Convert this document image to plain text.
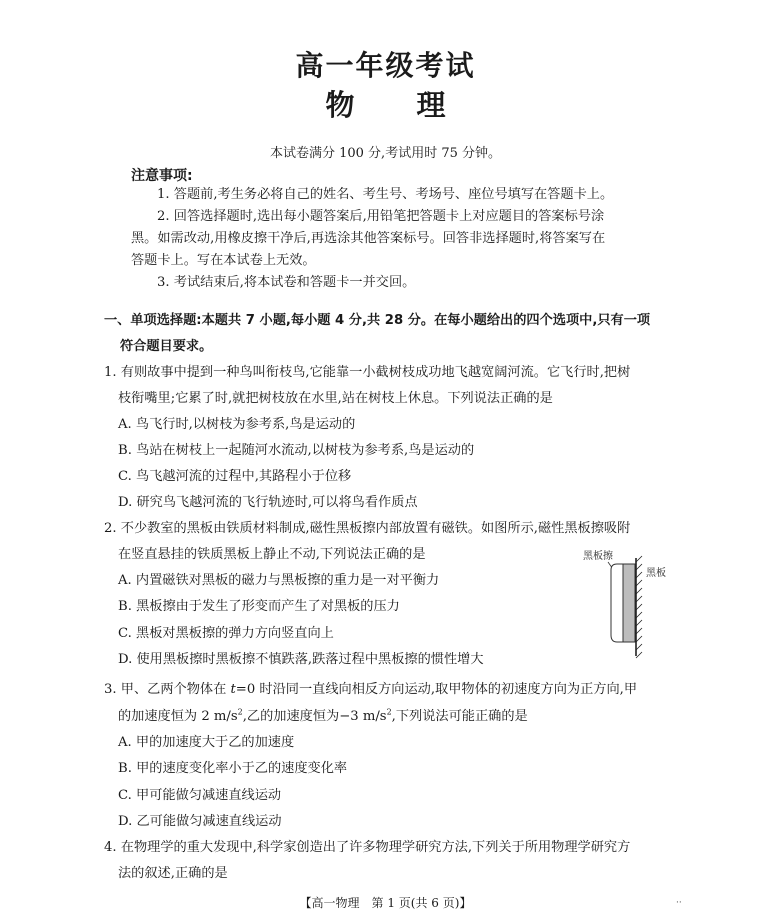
高一年级考试
物 理
本试卷满分 100 分,考试用时 75 分钟。
注意事项:
1. 答题前,考生务必将自己的姓名、考生号、考场号、座位号填写在答题卡上。
2. 回答选择题时,选出每小题答案后,用铅笔把答题卡上对应题目的答案标号涂
黑。如需改动,用橡皮擦干净后,再选涂其他答案标号。回答非选择题时,将答案写在
答题卡上。写在本试卷上无效。
3. 考试结束后,将本试卷和答题卡一并交回。
一、单项选择题:本题共 7 小题,每小题 4 分,共 28 分。在每小题给出的四个选项中,只有一项
符合题目要求。
1. 有则故事中提到一种鸟叫衔枝鸟,它能靠一小截树枝成功地飞越宽阔河流。它飞行时,把树
枝衔嘴里;它累了时,就把树枝放在水里,站在树枝上休息。下列说法正确的是
A. 鸟飞行时,以树枝为参考系,鸟是运动的
B. 鸟站在树枝上一起随河水流动,以树枝为参考系,鸟是运动的
C. 鸟飞越河流的过程中,其路程小于位移
D. 研究鸟飞越河流的飞行轨迹时,可以将鸟看作质点
2. 不少教室的黑板由铁质材料制成,磁性黑板擦内部放置有磁铁。如图所示,磁性黑板擦吸附
在竖直悬挂的铁质黑板上静止不动,下列说法正确的是
A. 内置磁铁对黑板的磁力与黑板擦的重力是一对平衡力
B. 黑板擦由于发生了形变而产生了对黑板的压力
C. 黑板对黑板擦的弹力方向竖直向上
D. 使用黑板擦时黑板擦不慎跌落,跌落过程中黑板擦的惯性增大
黑板擦
黑板
3. 甲、乙两个物体在 t=0 时沿同一直线向相反方向运动,取甲物体的初速度方向为正方向,甲
的加速度恒为 2 $m/s^2$,乙的加速度恒为−3 $m/s^2$,下列说法可能正确的是
A. 甲的加速度大于乙的加速度
B. 甲的速度变化率小于乙的速度变化率
C. 甲可能做匀减速直线运动
D. 乙可能做匀减速直线运动
4. 在物理学的重大发现中,科学家创造出了许多物理学研究方法,下列关于所用物理学研究方
法的叙述,正确的是
【高一物理　第 1 页(共 6 页)】	··
